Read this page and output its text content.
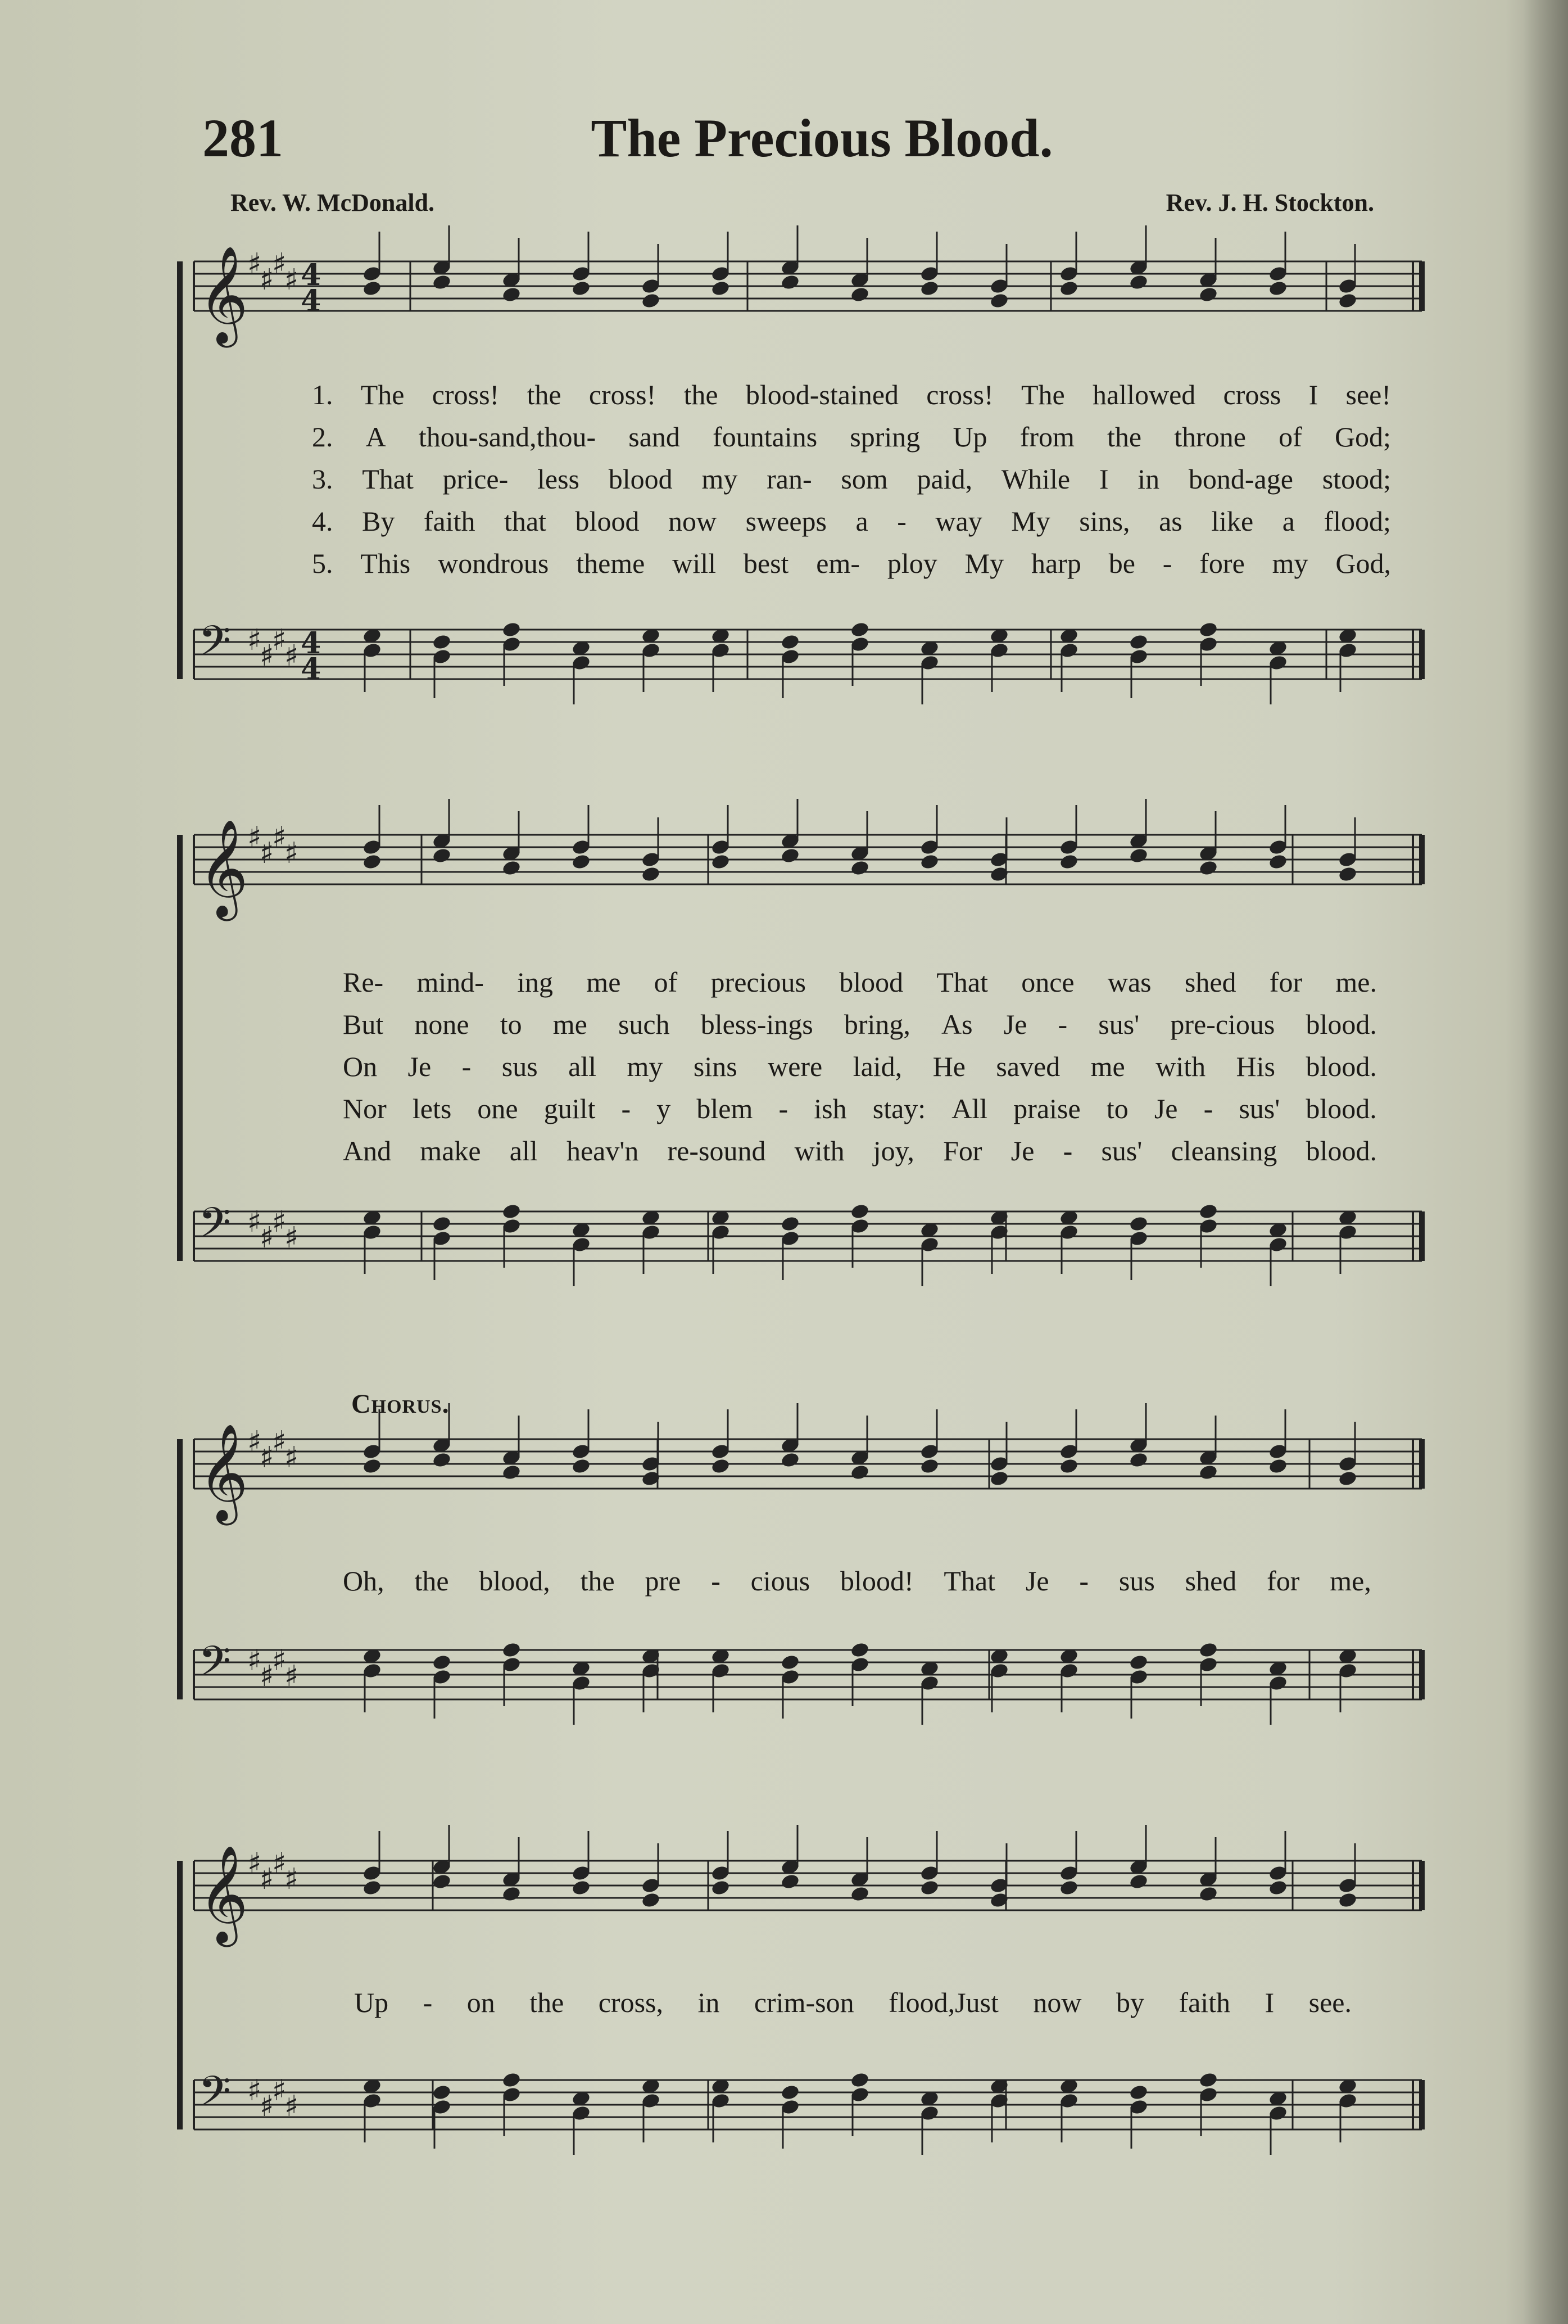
281	The Precious Blood.
Rev. W. McDonald.	Rev. J. H. Stockton.
𝄞
♯
♯
♯
♯ 4
4
𝄢 ♯
♯
♯
♯ 4
4
𝄞
♯
♯
♯
♯
𝄢 ♯
♯
♯
♯
𝄞
♯
♯
♯
♯
𝄢 ♯
♯
♯
♯
𝄞
♯
♯
♯
♯
𝄢 ♯
♯
♯
♯
1. The cross! the cross! the blood-stained cross! The hallowed cross I see!
2. A thou-sand,thou- sand fountains spring Up from the throne of God;
3. That price- less blood my ran- som paid, While I in bond-age stood;
4. By faith that blood now sweeps a - way My sins, as like a flood;
5. This wondrous theme will best em- ploy My harp be - fore my God,
Re- mind- ing me of precious blood That once was shed for me.
But none to me such bless-ings bring, As Je - sus' pre-cious blood.
On Je - sus all my sins were laid, He saved me with His blood.
Nor lets one guilt - y blem - ish stay: All praise to Je - sus' blood.
And make all heav'n re-sound with joy, For Je - sus' cleansing blood.
Chorus.
Oh, the blood, the pre - cious blood! That Je - sus shed for me,
Up - on the cross, in crim-son flood,Just now by faith I see.
